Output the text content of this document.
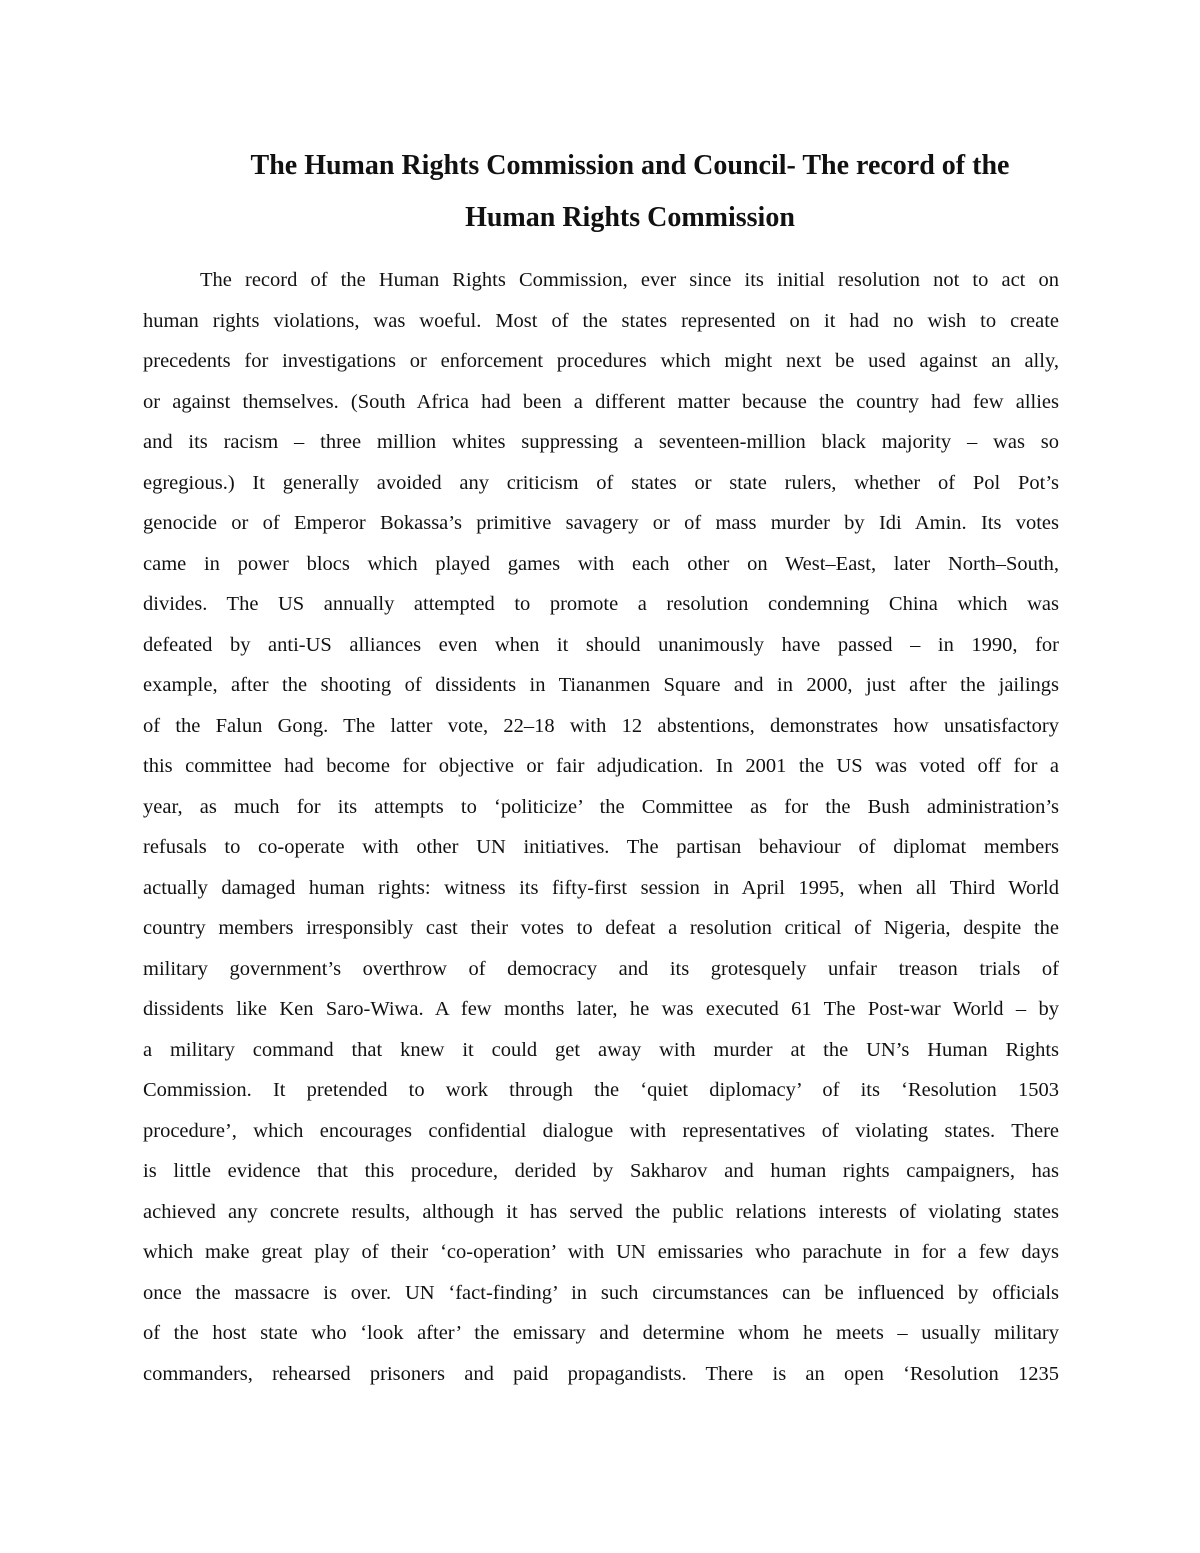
The Human Rights Commission and Council- The record of the
Human Rights Commission
The record of the Human Rights Commission, ever since its initial resolution not to act on
human rights violations, was woeful. Most of the states represented on it had no wish to create
precedents for investigations or enforcement procedures which might next be used against an ally,
or against themselves. (South Africa had been a different matter because the country had few allies
and its racism – three million whites suppressing a seventeen-million black majority – was so
egregious.) It generally avoided any criticism of states or state rulers, whether of Pol Pot’s
genocide or of Emperor Bokassa’s primitive savagery or of mass murder by Idi Amin. Its votes
came in power blocs which played games with each other on West–East, later North–South,
divides. The US annually attempted to promote a resolution condemning China which was
defeated by anti-US alliances even when it should unanimously have passed – in 1990, for
example, after the shooting of dissidents in Tiananmen Square and in 2000, just after the jailings
of the Falun Gong. The latter vote, 22–18 with 12 abstentions, demonstrates how unsatisfactory
this committee had become for objective or fair adjudication. In 2001 the US was voted off for a
year, as much for its attempts to ‘politicize’ the Committee as for the Bush administration’s
refusals to co-operate with other UN initiatives. The partisan behaviour of diplomat members
actually damaged human rights: witness its fifty-first session in April 1995, when all Third World
country members irresponsibly cast their votes to defeat a resolution critical of Nigeria, despite the
military government’s overthrow of democracy and its grotesquely unfair treason trials of
dissidents like Ken Saro-Wiwa. A few months later, he was executed 61 The Post-war World – by
a military command that knew it could get away with murder at the UN’s Human Rights
Commission. It pretended to work through the ‘quiet diplomacy’ of its ‘Resolution 1503
procedure’, which encourages confidential dialogue with representatives of violating states. There
is little evidence that this procedure, derided by Sakharov and human rights campaigners, has
achieved any concrete results, although it has served the public relations interests of violating states
which make great play of their ‘co-operation’ with UN emissaries who parachute in for a few days
once the massacre is over. UN ‘fact-finding’ in such circumstances can be influenced by officials
of the host state who ‘look after’ the emissary and determine whom he meets – usually military
commanders, rehearsed prisoners and paid propagandists. There is an open ‘Resolution 1235
